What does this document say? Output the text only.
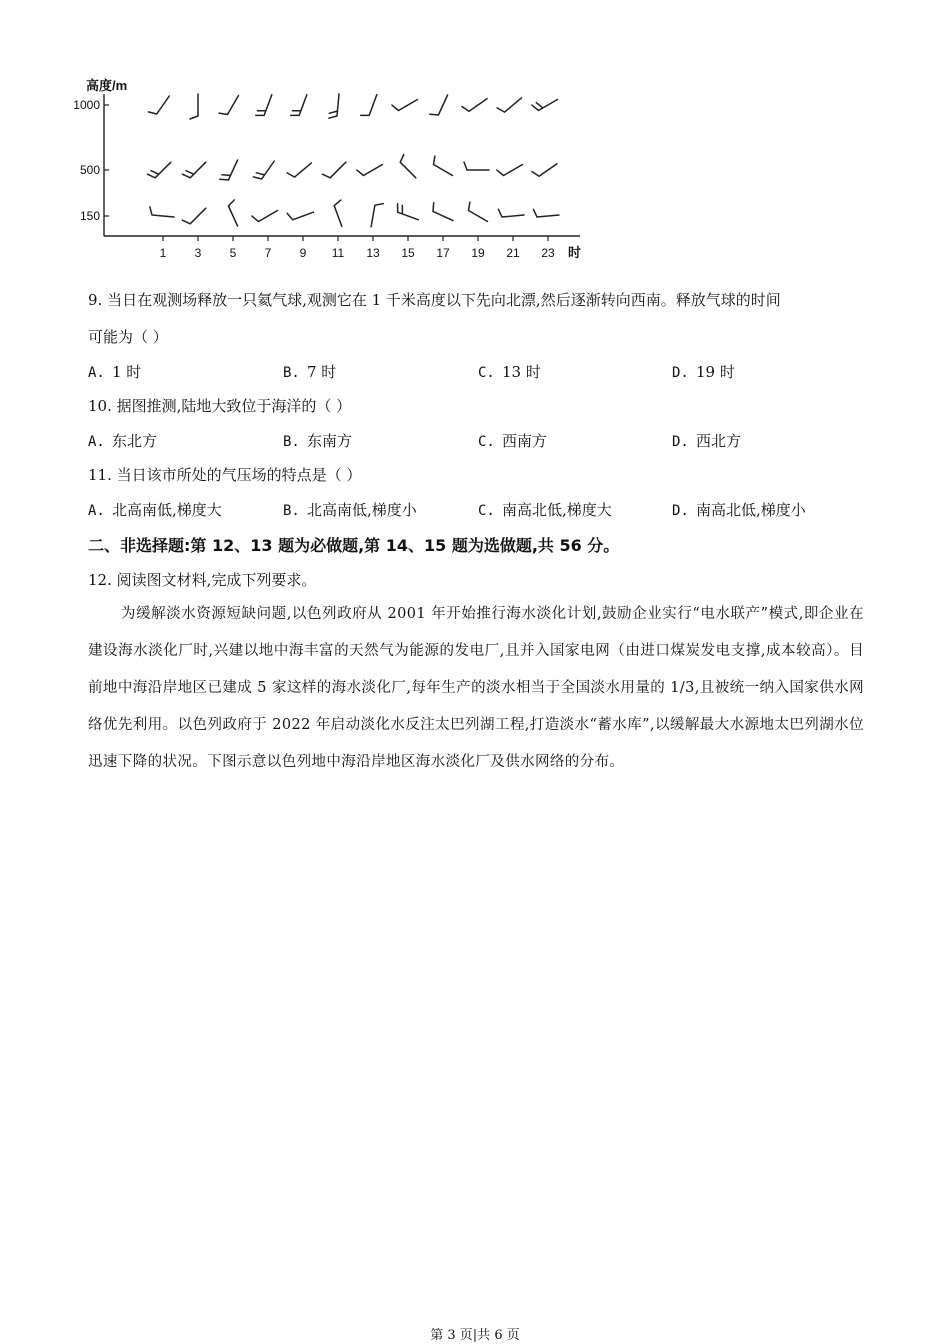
高度/m
时
1000
500
150
1 3 5 7 9 11 13 15 17 19 21 23
9. 当日在观测场释放一只氦气球,观测它在 1 千米高度以下先向北漂,然后逐渐转向西南。释放气球的时间
可能为（ ）
A. 1 时	B. 7 时	C. 13 时	D. 19 时
10. 据图推测,陆地大致位于海洋的（ ）
A. 东北方	B. 东南方	C. 西南方	D. 西北方
11. 当日该市所处的气压场的特点是（ ）
A. 北高南低,梯度大	B. 北高南低,梯度小	C. 南高北低,梯度大	D. 南高北低,梯度小
二、非选择题:第 12、13 题为必做题,第 14、15 题为选做题,共 56 分。
12. 阅读图文材料,完成下列要求。
为缓解淡水资源短缺问题,以色列政府从 2001 年开始推行海水淡化计划,鼓励企业实行“电水联产”模式,即企业在建设海水淡化厂时,兴建以地中海丰富的天然气为能源的发电厂,且并入国家电网（由进口煤炭发电支撑,成本较高）。目前地中海沿岸地区已建成 5 家这样的海水淡化厂,每年生产的淡水相当于全国淡水用量的 1/3,且被统一纳入国家供水网络优先利用。以色列政府于 2022 年启动淡化水反注太巴列湖工程,打造淡水“蓄水库”,以缓解最大水源地太巴列湖水位迅速下降的状况。下图示意以色列地中海沿岸地区海水淡化厂及供水网络的分布。
第 3 页|共 6 页
